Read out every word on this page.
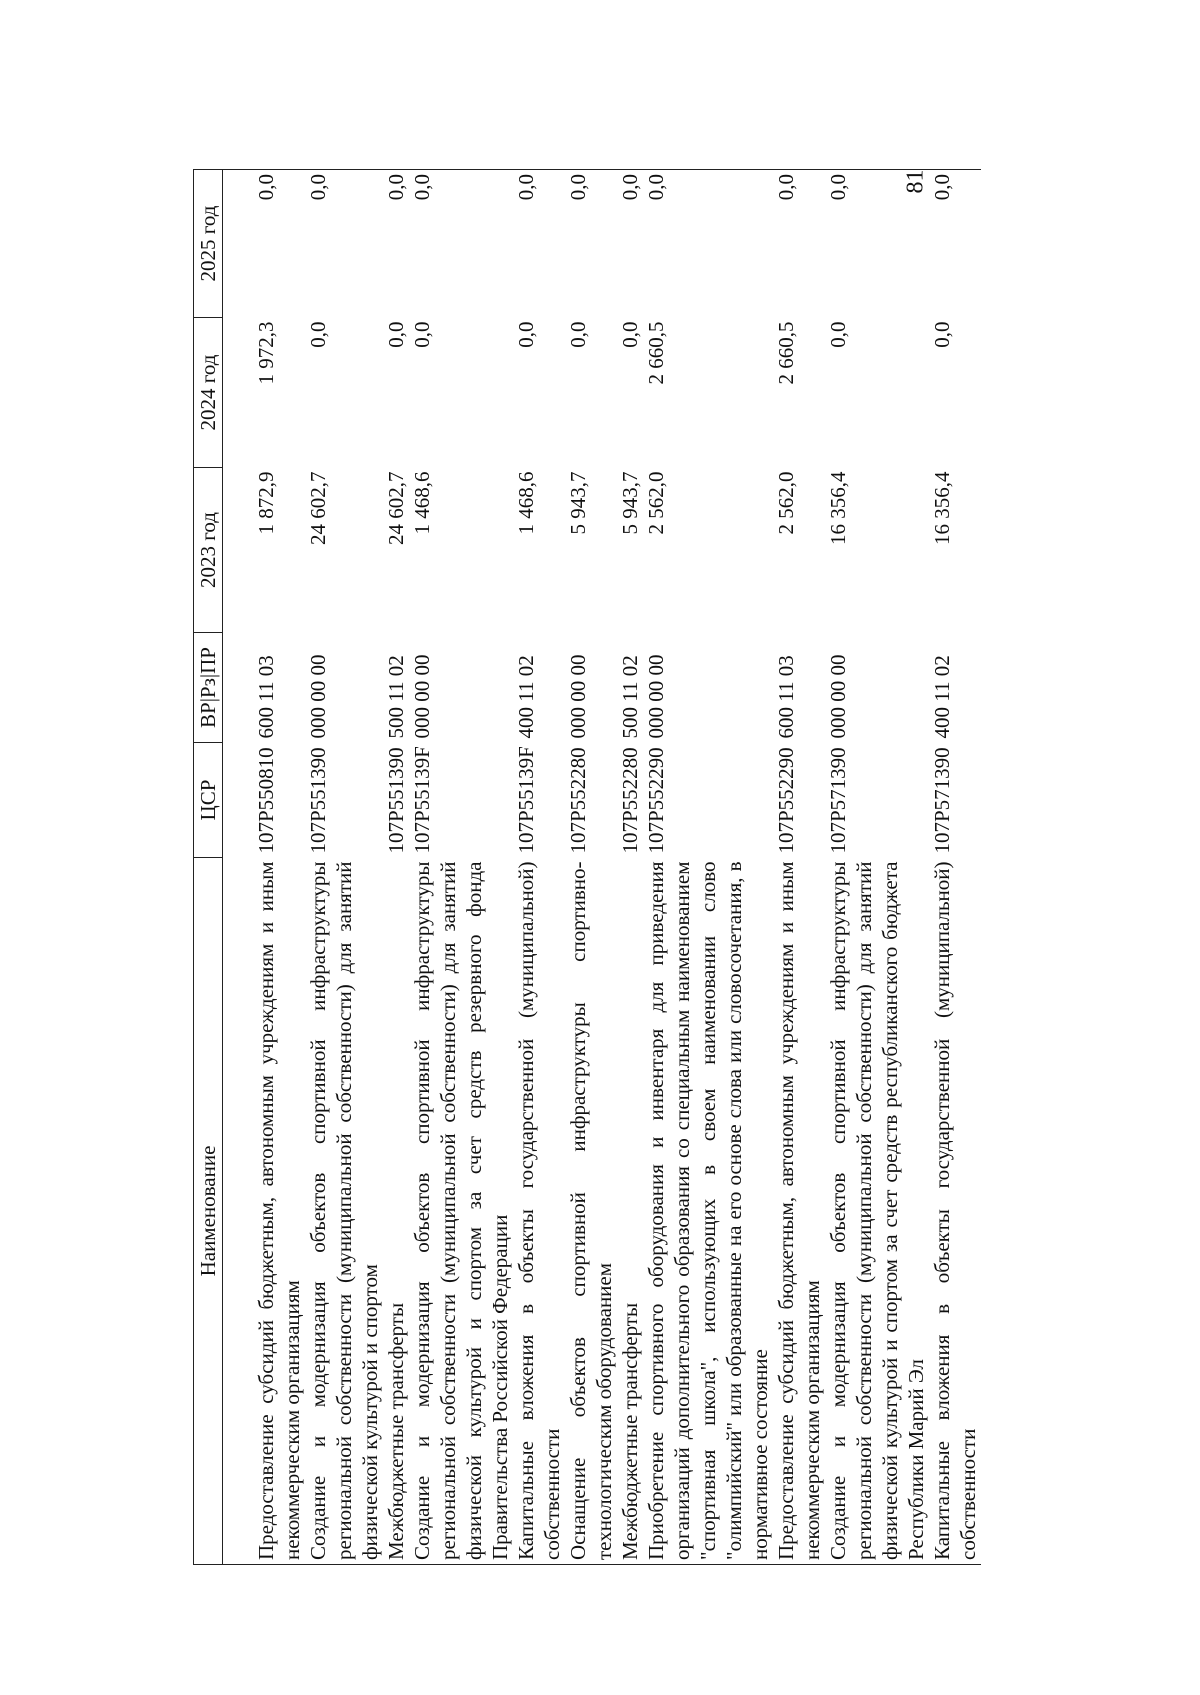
81
Наименование	ЦСР	ВР|Рз|ПР	2023 год	2024 год	2025 год

Предоставление субсидий бюджетным, автономным учреждениям и иным некоммерческим организациям	107P550810	600 11 03	1 872,9	1 972,3	0,0
Создание и модернизация объектов спортивной инфраструктуры региональной собственности (муниципальной собственности) для занятий физической культурой и спортом	107P551390	000 00 00	24 602,7	0,0	0,0
Межбюджетные трансферты	107P551390	500 11 02	24 602,7	0,0	0,0
Создание и модернизация объектов спортивной инфраструктуры региональной собственности (муниципальной собственности) для занятий физической культурой и спортом за счет средств резервного фонда Правительства Российской Федерации	107P55139F	000 00 00	1 468,6	0,0	0,0
Капитальные вложения в объекты государственной (муниципальной) собственности	107P55139F	400 11 02	1 468,6	0,0	0,0
Оснащение объектов спортивной инфраструктуры спортивно-технологическим оборудованием	107P552280	000 00 00	5 943,7	0,0	0,0
Межбюджетные трансферты	107P552280	500 11 02	5 943,7	0,0	0,0
Приобретение спортивного оборудования и инвентаря для приведения организаций дополнительного образования со специальным наименованием "спортивная школа", использующих в своем наименовании слово "олимпийский" или образованные на его основе слова или словосочетания, в нормативное состояние	107P552290	000 00 00	2 562,0	2 660,5	0,0
Предоставление субсидий бюджетным, автономным учреждениям и иным некоммерческим организациям	107P552290	600 11 03	2 562,0	2 660,5	0,0
Создание и модернизация объектов спортивной инфраструктуры региональной собственности (муниципальной собственности) для занятий физической культурой и спортом за счет средств республиканского бюджета Республики Марий Эл	107P571390	000 00 00	16 356,4	0,0	0,0
Капитальные вложения в объекты государственной (муниципальной) собственности	107P571390	400 11 02	16 356,4	0,0	0,0
